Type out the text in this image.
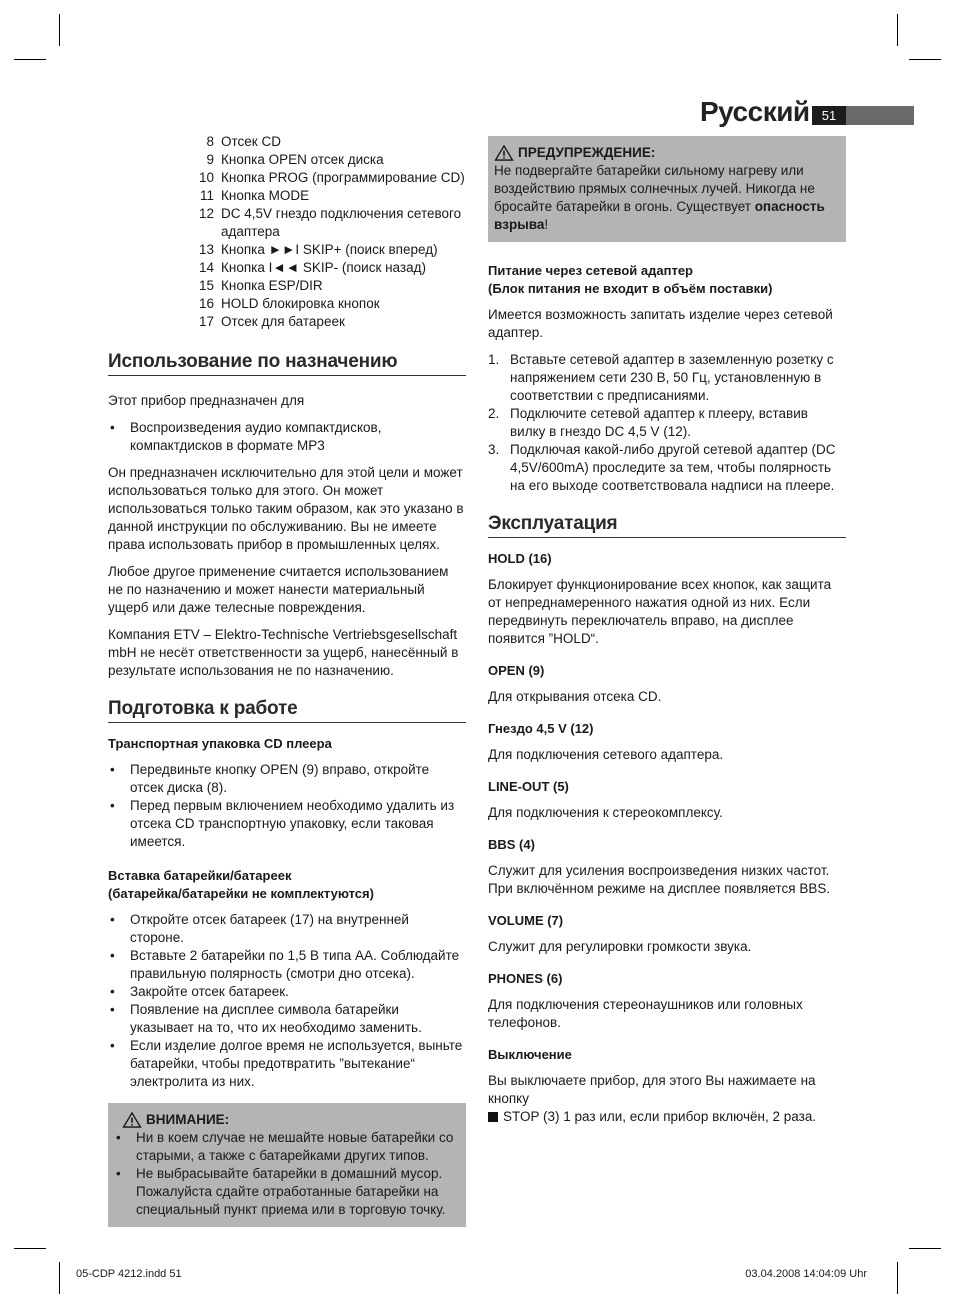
Русский 51
8 Отсек CD
9 Кнопка OPEN отсек диска
10 Кнопка PROG (программирование CD)
11 Кнопка MODE
12 DC 4,5V гнездо подключения сетевого адаптера
13 Кнопка ►►I SKIP+ (поиск вперед)
14 Кнопка I◄◄ SKIP- (поиск назад)
15 Кнопка ESP/DIR
16 HOLD блокировка кнопок
17 Отсек для батареек
Использование по назначению

Этот прибор предназначен для

• Воспроизведения аудио компактдисков, компактдисков в формате MP3

Он предназначен исключительно для этой цели и может использоваться только для этого. Он может использоваться только таким образом, как это указано в данной инструкции по обслуживанию. Вы не имеете права использовать прибор в промышленных целях.

Любое другое применение считается использованием не по назначению и может нанести материальный ущерб или даже телесные повреждения.

Компания ETV – Elektro-Technische Vertriebsgesellschaft mbH не несёт ответственности за ущерб, нанесённый в результате использования не по назначению.

Подготовка к работе
Транспортная упаковка CD плеера
• Передвиньте кнопку OPEN (9) вправо, откройте отсек диска (8).
• Перед первым включением необходимо удалить из отсека CD транспортную упаковку, если таковая имеется.
Вставка батарейки/батареек
(батарейка/батарейки не комплектуются)
• Откройте отсек батареек (17) на внутренней стороне.
• Вставьте 2 батарейки по 1,5 В типа AA. Соблюдайте правильную полярность (смотри дно отсека).
• Закройте отсек батареек.
• Появление на дисплее символа батарейки указывает на то, что их необходимо заменить.
• Если изделие долгое время не используется, выньте батарейки, чтобы предотвратить ”вытекание“ электролита из них.
ВНИМАНИЕ:
• Ни в коем случае не мешайте новые батарейки со старыми, а также с батарейками других типов.
• Не выбрасывайте батарейки в домашний мусор. Пожалуйста сдайте отработанные батарейки на специальный пункт приема или в торговую точку.
ПРЕДУПРЕЖДЕНИЕ:
Не подвергайте батарейки сильному нагреву или воздействию прямых солнечных лучей. Никогда не бросайте батарейки в огонь. Существует опасность взрыва!
Питание через сетевой адаптер
(Блок питания не входит в объём поставки)

Имеется возможность запитать изделие через сетевой адаптер.

1. Вставьте сетевой адаптер в заземленную розетку с напряжением сети 230 В, 50 Гц, установленную в соответствии с предписаниями.
2. Подключите сетевой адаптер к плееру, вставив вилку в гнездо DC 4,5 V (12).
3. Подключая какой-либо другой сетевой адаптер (DC 4,5V/600mA) проследите за тем, чтобы полярность на его выходе соответствовала надписи на плеере.
Эксплуатация
HOLD (16)

Блокирует функционирование всех кнопок, как защита от непреднамеренного нажатия одной из них. Если передвинуть переключатель вправо, на дисплее появится ”HOLD“.

OPEN (9)

Для открывания отсека CD.

Гнездо 4,5 V (12)

Для подключения сетевого адаптера.

LINE-OUT (5)

Для подключения к стереокомплексу.

BBS (4)

Служит для усиления воспроизведения низких частот. При включённом режиме на дисплее появляется BBS.

VOLUME (7)

Служит для регулировки громкости звука.

PHONES (6)

Для подключения стереонаушников или головных телефонов.

Выключение

Вы выключаете прибор, для этого Вы нажимаете на кнопку
STOP (3) 1 раз или, если прибор включён, 2 раза.

05-CDP 4212.indd 51	03.04.2008 14:04:09 Uhr
